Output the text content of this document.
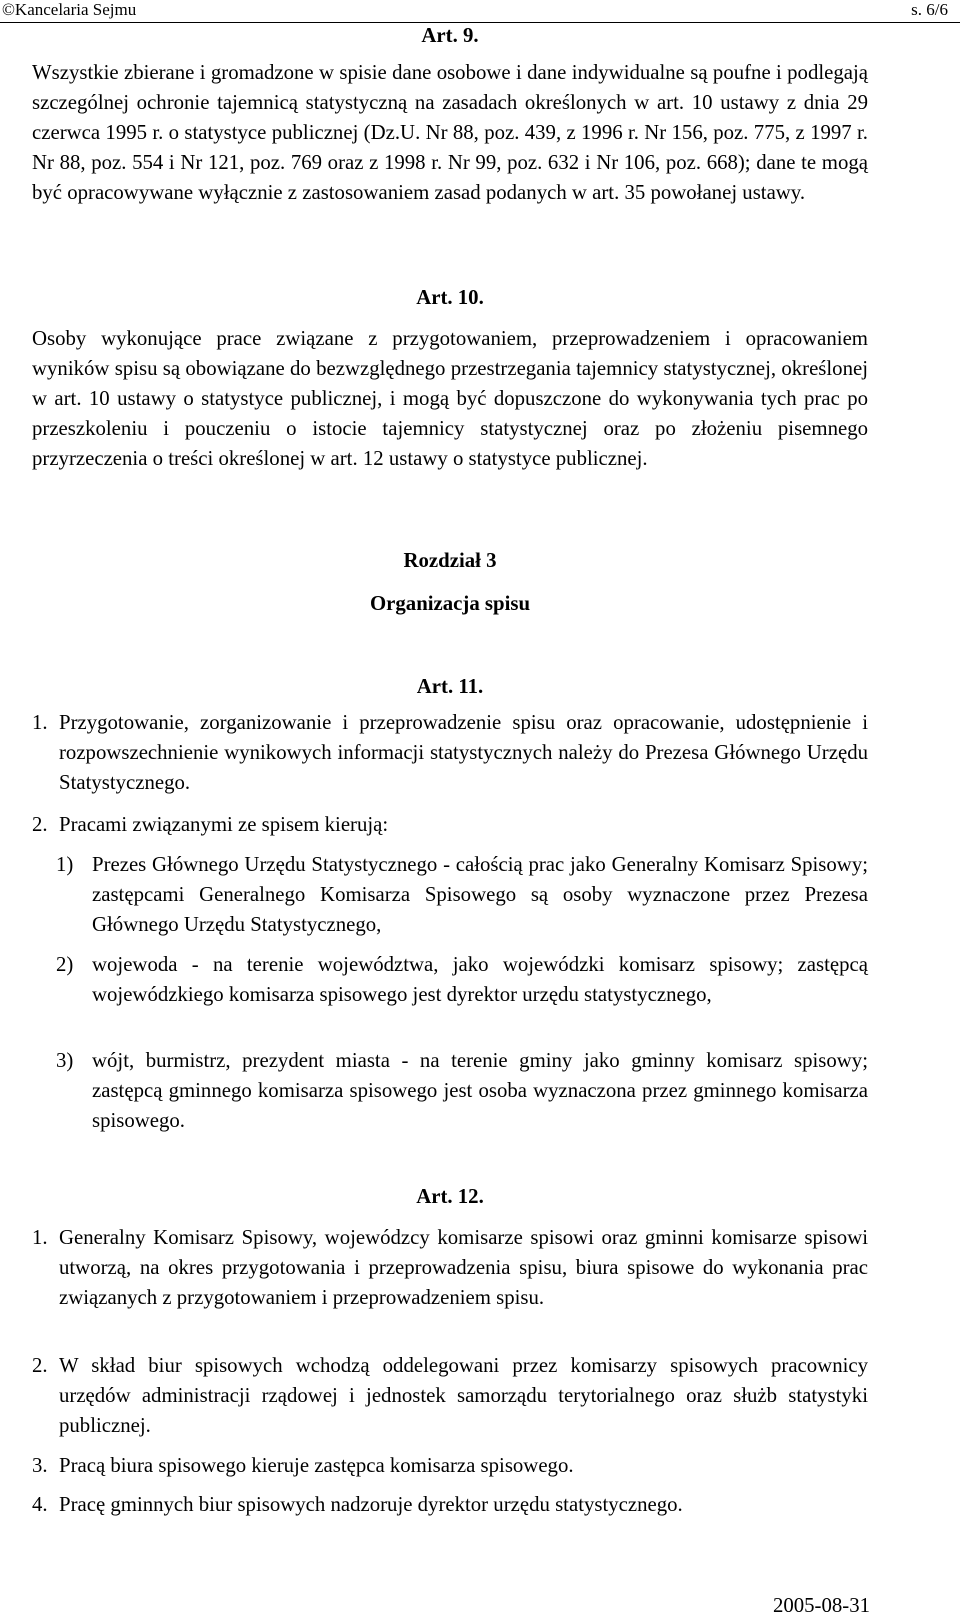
©Kancelaria Sejmu	s. 6/6
Art. 9.
Wszystkie zbierane i gromadzone w spisie dane osobowe i dane indywidualne są poufne i podlegają szczególnej ochronie tajemnicą statystyczną na zasadach określonych w art. 10 ustawy z dnia 29 czerwca 1995 r. o statystyce publicznej (Dz.U. Nr 88, poz. 439, z 1996 r. Nr 156, poz. 775, z 1997 r. Nr 88, poz. 554 i Nr 121, poz. 769 oraz z 1998 r. Nr 99, poz. 632 i Nr 106, poz. 668); dane te mogą być opracowywane wyłącznie z zastosowaniem zasad podanych w art. 35 powołanej ustawy.
Art. 10.
Osoby wykonujące prace związane z przygotowaniem, przeprowadzeniem i opracowaniem wyników spisu są obowiązane do bezwzględnego przestrzegania tajemnicy statystycznej, określonej w art. 10 ustawy o statystyce publicznej, i mogą być dopuszczone do wykonywania tych prac po przeszkoleniu i pouczeniu o istocie tajemnicy statystycznej oraz po złożeniu pisemnego przyrzeczenia o treści określonej w art. 12 ustawy o statystyce publicznej.
Rozdział 3
Organizacja spisu
Art. 11.
1. Przygotowanie, zorganizowanie i przeprowadzenie spisu oraz opracowanie, udostępnienie i rozpowszechnienie wynikowych informacji statystycznych należy do Prezesa Głównego Urzędu Statystycznego.
2. Pracami związanymi ze spisem kierują:
1) Prezes Głównego Urzędu Statystycznego - całością prac jako Generalny Komisarz Spisowy; zastępcami Generalnego Komisarza Spisowego są osoby wyznaczone przez Prezesa Głównego Urzędu Statystycznego,
2) wojewoda - na terenie województwa, jako wojewódzki komisarz spisowy; zastępcą wojewódzkiego komisarza spisowego jest dyrektor urzędu statystycznego,
3) wójt, burmistrz, prezydent miasta - na terenie gminy jako gminny komisarz spisowy; zastępcą gminnego komisarza spisowego jest osoba wyznaczona przez gminnego komisarza spisowego.
Art. 12.
1. Generalny Komisarz Spisowy, wojewódzcy komisarze spisowi oraz gminni komisarze spisowi utworzą, na okres przygotowania i przeprowadzenia spisu, biura spisowe do wykonania prac związanych z przygotowaniem i przeprowadzeniem spisu.
2. W skład biur spisowych wchodzą oddelegowani przez komisarzy spisowych pracownicy urzędów administracji rządowej i jednostek samorządu terytorialnego oraz służb statystyki publicznej.
3. Pracą biura spisowego kieruje zastępca komisarza spisowego.
4. Pracę gminnych biur spisowych nadzoruje dyrektor urzędu statystycznego.
2005-08-31
